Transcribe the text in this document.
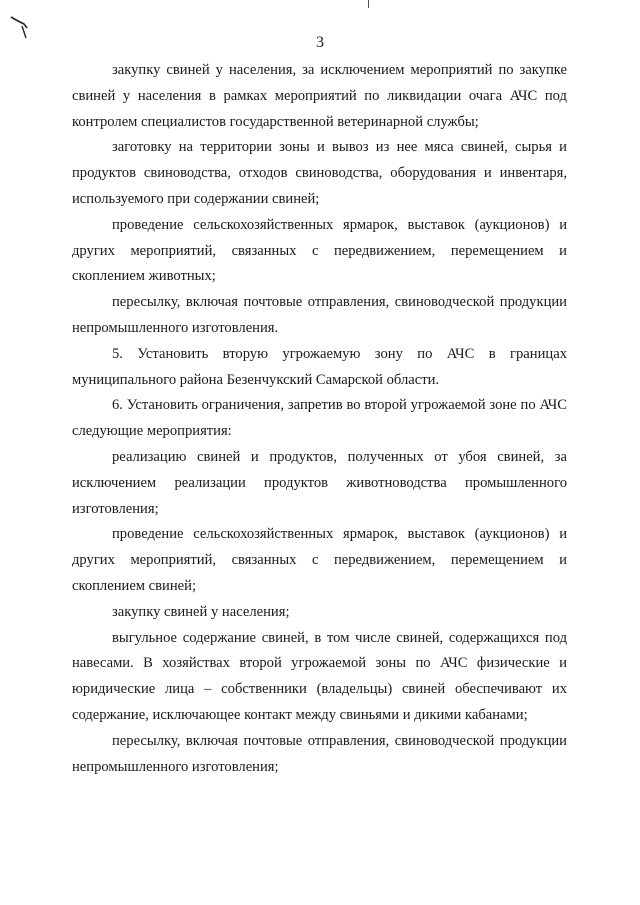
3

закупку свиней у населения, за исключением мероприятий по закупке свиней у населения в рамках мероприятий по ликвидации очага АЧС под контролем специалистов государственной ветеринарной службы;

заготовку на территории зоны и вывоз из нее мяса свиней, сырья и продуктов свиноводства, отходов свиноводства, оборудования и инвентаря, используемого при содержании свиней;

проведение сельскохозяйственных ярмарок, выставок (аукционов) и других мероприятий, связанных с передвижением, перемещением и скоплением животных;

пересылку, включая почтовые отправления, свиноводческой продукции непромышленного изготовления.

5. Установить вторую угрожаемую зону по АЧС в границах муниципального района Безенчукский Самарской области.

6. Установить ограничения, запретив во второй угрожаемой зоне по АЧС следующие мероприятия:

реализацию свиней и продуктов, полученных от убоя свиней, за исключением реализации продуктов животноводства промышленного изготовления;

проведение сельскохозяйственных ярмарок, выставок (аукционов) и других мероприятий, связанных с передвижением, перемещением и скоплением свиней;

закупку свиней у населения;

выгульное содержание свиней, в том числе свиней, содержащихся под навесами. В хозяйствах второй угрожаемой зоны по АЧС физические и юридические лица – собственники (владельцы) свиней обеспечивают их содержание, исключающее контакт между свиньями и дикими кабанами;

пересылку, включая почтовые отправления, свиноводческой продукции непромышленного изготовления;
